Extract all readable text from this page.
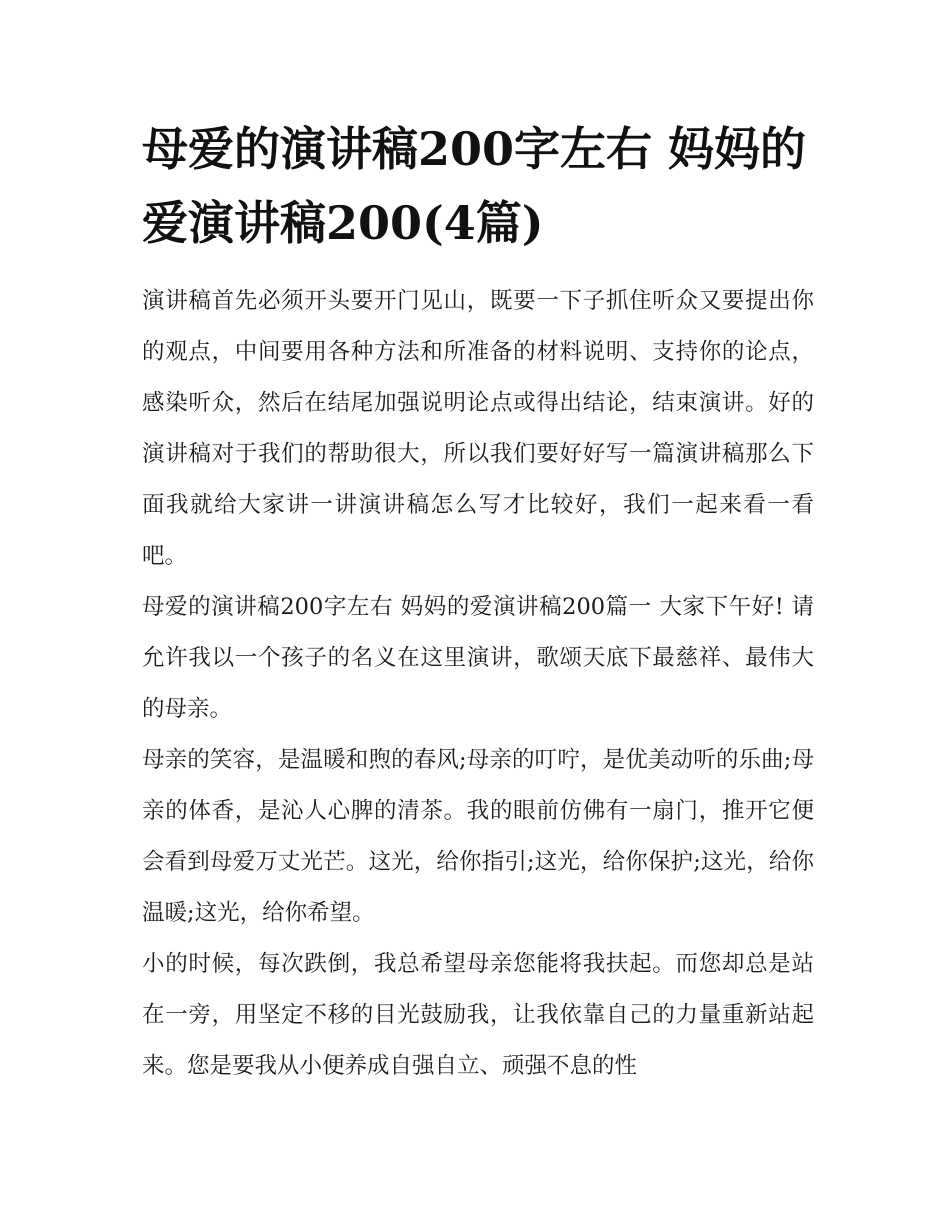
母爱的演讲稿200字左右 妈妈的爱演讲稿200(4篇)

演讲稿首先必须开头要开门见山，既要一下子抓住听众又要提出你的观点，中间要用各种方法和所准备的材料说明、支持你的论点，感染听众，然后在结尾加强说明论点或得出结论，结束演讲。好的演讲稿对于我们的帮助很大，所以我们要好好写一篇演讲稿那么下面我就给大家讲一讲演讲稿怎么写才比较好，我们一起来看一看吧。

母爱的演讲稿200字左右 妈妈的爱演讲稿200篇一 大家下午好! 请允许我以一个孩子的名义在这里演讲，歌颂天底下最慈祥、最伟大的母亲。

母亲的笑容，是温暖和煦的春风;母亲的叮咛，是优美动听的乐曲;母亲的体香，是沁人心脾的清茶。我的眼前仿佛有一扇门，推开它便会看到母爱万丈光芒。这光，给你指引;这光，给你保护;这光，给你温暖;这光，给你希望。

小的时候，每次跌倒，我总希望母亲您能将我扶起。而您却总是站在一旁，用坚定不移的目光鼓励我，让我依靠自己的力量重新站起来。您是要我从小便养成自强自立、顽强不息的性
